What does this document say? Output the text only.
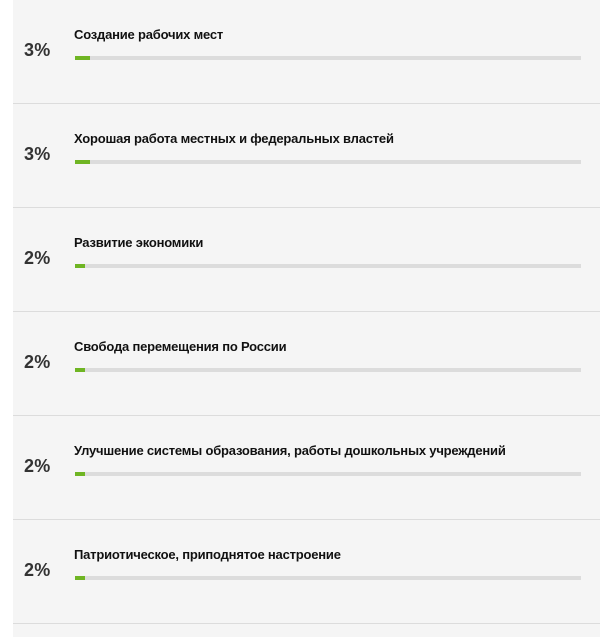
3%
Создание рабочих мест
3%
Хорошая работа местных и федеральных властей
2%
Развитие экономики
2%
Свобода перемещения по России
2%
Улучшение системы образования, работы дошкольных учреждений
2%
Патриотическое, приподнятое настроение
